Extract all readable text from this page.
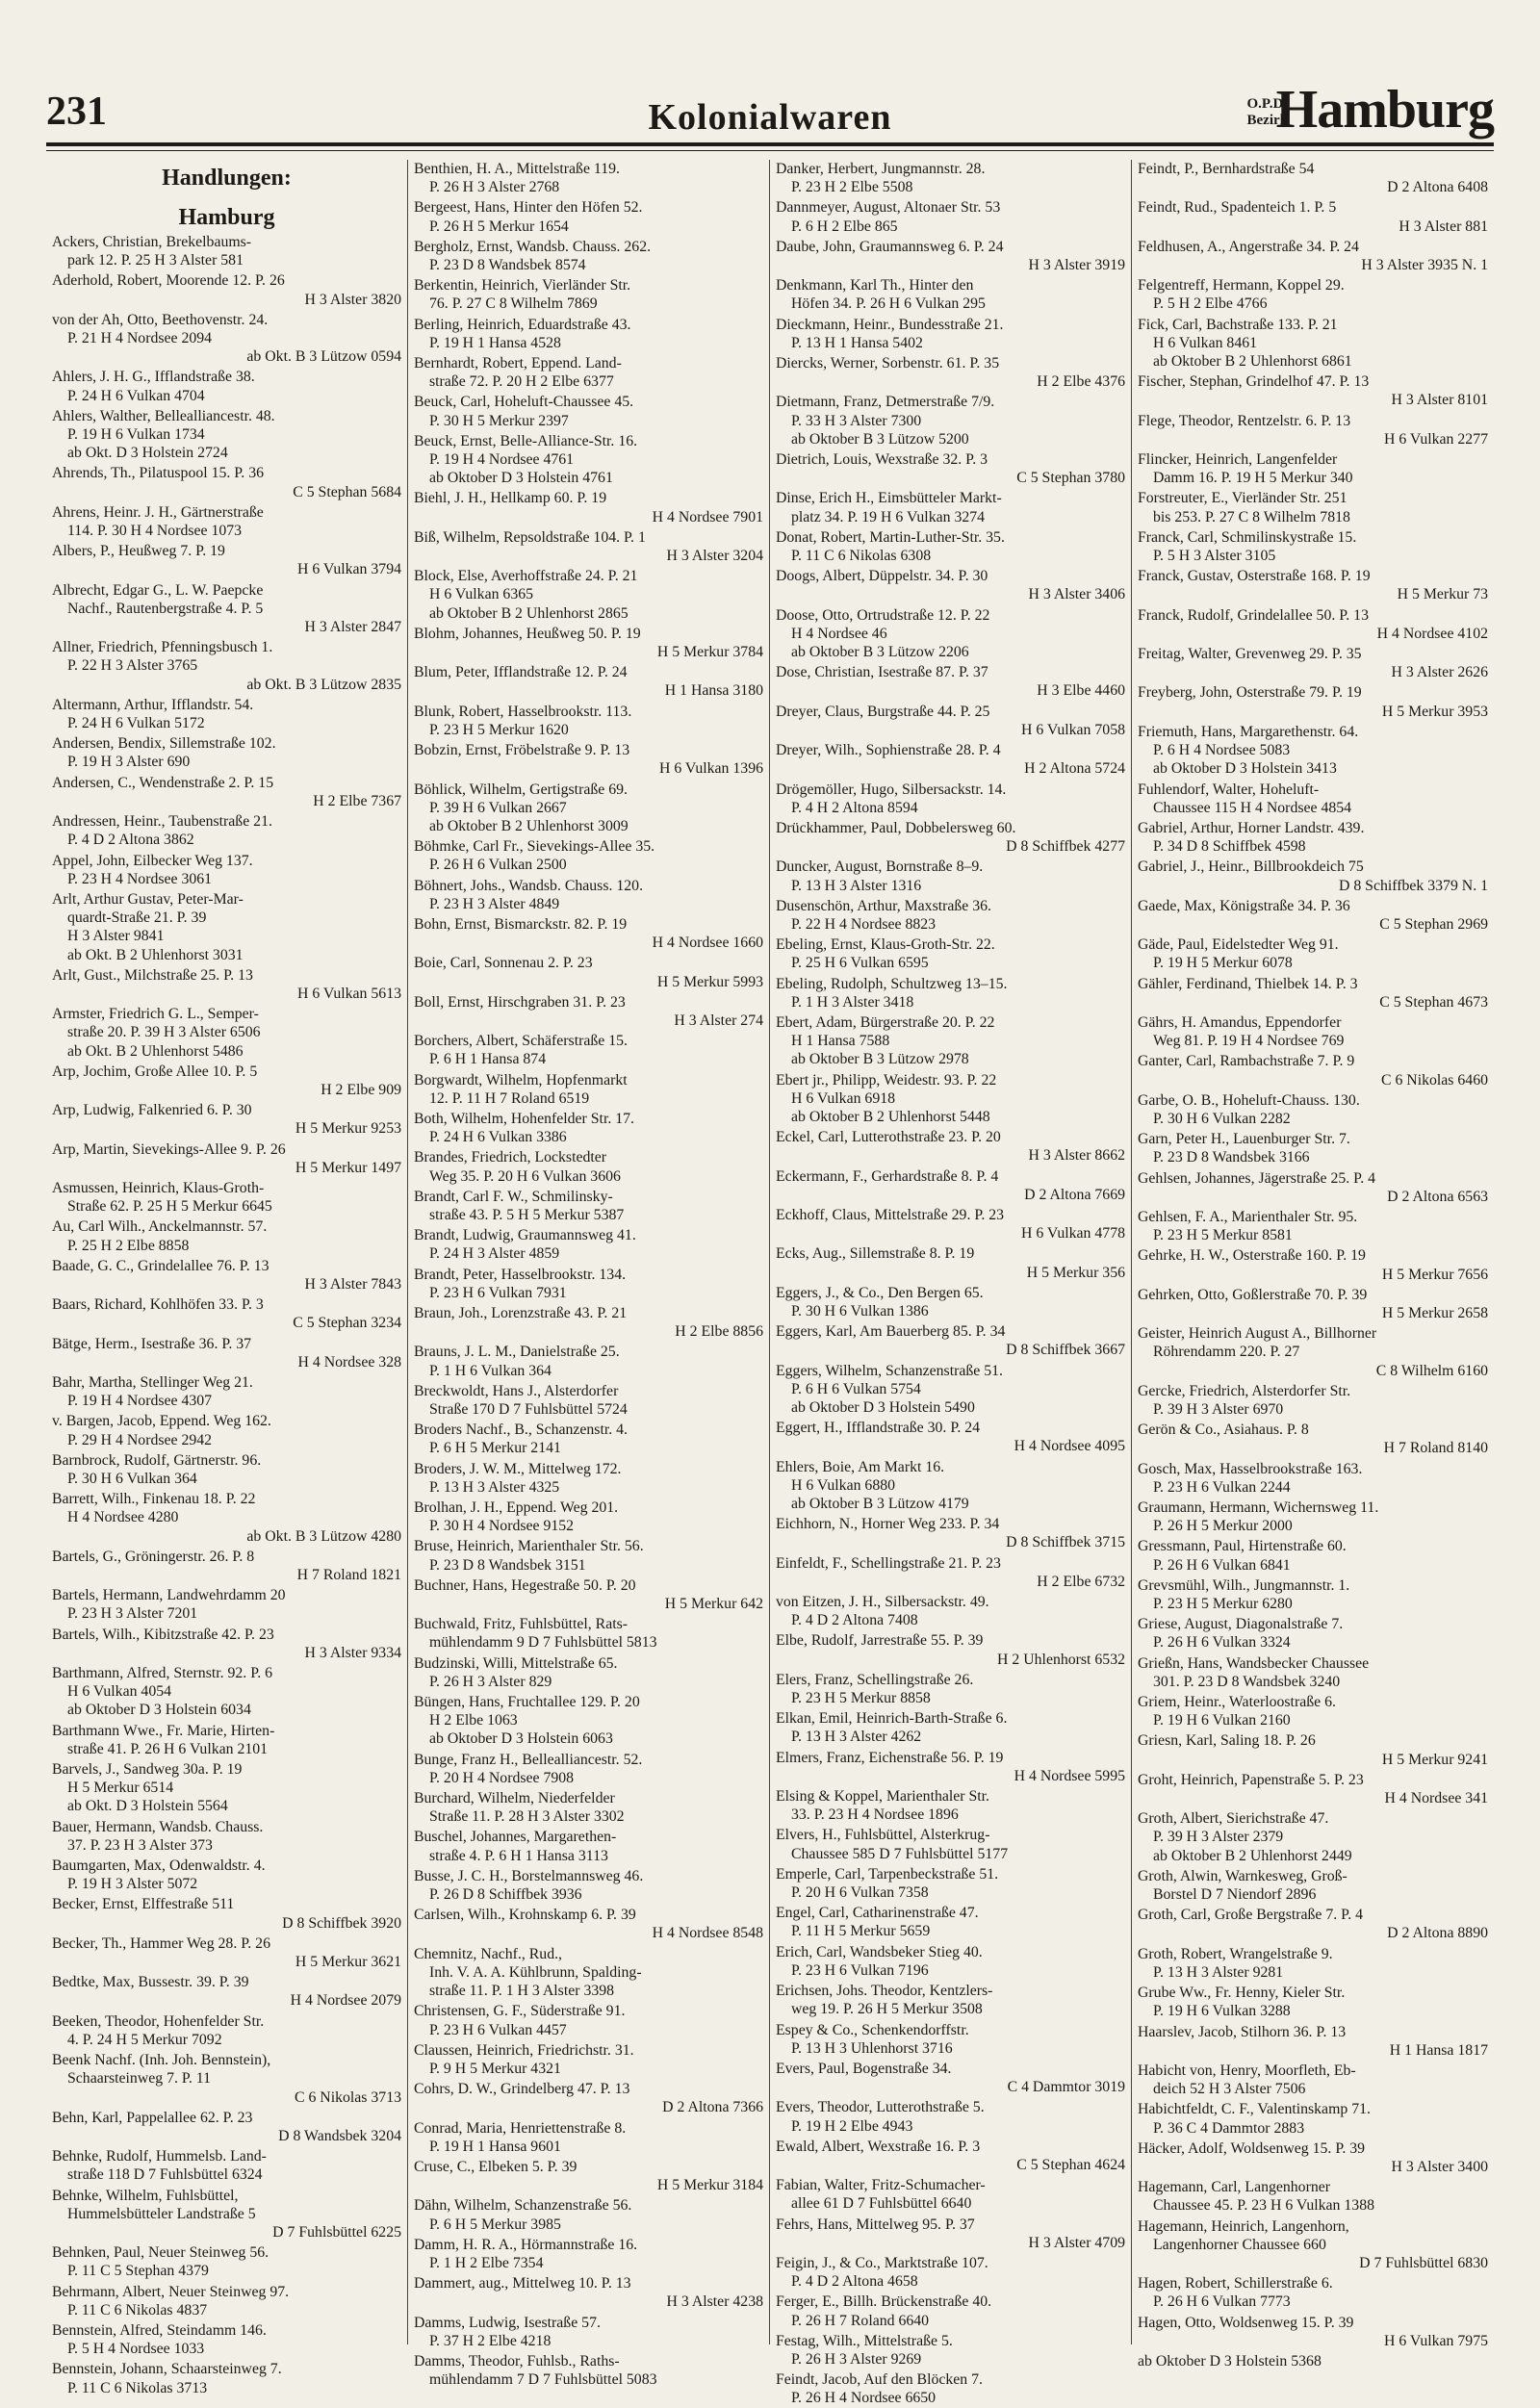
231	Kolonialwaren	O.P.D.
Bezirk
Hamburg
Handlungen:
Hamburg
Ackers, Christian, Brekelbaums-
park 12. P. 25 H 3 Alster 581
Aderhold, Robert, Moorende 12. P. 26
H 3 Alster 3820
von der Ah, Otto, Beethovenstr. 24.
P. 21 H 4 Nordsee 2094
ab Okt. B 3 Lützow 0594
Ahlers, J. H. G., Ifflandstraße 38.
P. 24 H 6 Vulkan 4704
Ahlers, Walther, Bellealliancestr. 48.
P. 19 H 6 Vulkan 1734
ab Okt. D 3 Holstein 2724
Ahrends, Th., Pilatuspool 15. P. 36
C 5 Stephan 5684
Ahrens, Heinr. J. H., Gärtnerstraße
114. P. 30 H 4 Nordsee 1073
Albers, P., Heußweg 7. P. 19
H 6 Vulkan 3794
Albrecht, Edgar G., L. W. Paepcke
Nachf., Rautenbergstraße 4. P. 5
H 3 Alster 2847
Allner, Friedrich, Pfenningsbusch 1.
P. 22 H 3 Alster 3765
ab Okt. B 3 Lützow 2835
Altermann, Arthur, Ifflandstr. 54.
P. 24 H 6 Vulkan 5172
Andersen, Bendix, Sillemstraße 102.
P. 19 H 3 Alster 690
Andersen, C., Wendenstraße 2. P. 15
H 2 Elbe 7367
Andressen, Heinr., Taubenstraße 21.
P. 4 D 2 Altona 3862
Appel, John, Eilbecker Weg 137.
P. 23 H 4 Nordsee 3061
Arlt, Arthur Gustav, Peter-Mar-
quardt-Straße 21. P. 39
H 3 Alster 9841
ab Okt. B 2 Uhlenhorst 3031
Arlt, Gust., Milchstraße 25. P. 13
H 6 Vulkan 5613
Armster, Friedrich G. L., Semper-
straße 20. P. 39 H 3 Alster 6506
ab Okt. B 2 Uhlenhorst 5486
Arp, Jochim, Große Allee 10. P. 5
H 2 Elbe 909
Arp, Ludwig, Falkenried 6. P. 30
H 5 Merkur 9253
Arp, Martin, Sievekings-Allee 9. P. 26
H 5 Merkur 1497
Asmussen, Heinrich, Klaus-Groth-
Straße 62. P. 25 H 5 Merkur 6645
Au, Carl Wilh., Anckelmannstr. 57.
P. 25 H 2 Elbe 8858
Baade, G. C., Grindelallee 76. P. 13
H 3 Alster 7843
Baars, Richard, Kohlhöfen 33. P. 3
C 5 Stephan 3234
Bätge, Herm., Isestraße 36. P. 37
H 4 Nordsee 328
Bahr, Martha, Stellinger Weg 21.
P. 19 H 4 Nordsee 4307
v. Bargen, Jacob, Eppend. Weg 162.
P. 29 H 4 Nordsee 2942
Barnbrock, Rudolf, Gärtnerstr. 96.
P. 30 H 6 Vulkan 364
Barrett, Wilh., Finkenau 18. P. 22
H 4 Nordsee 4280
ab Okt. B 3 Lützow 4280
Bartels, G., Gröningerstr. 26. P. 8
H 7 Roland 1821
Bartels, Hermann, Landwehrdamm 20
P. 23 H 3 Alster 7201
Bartels, Wilh., Kibitzstraße 42. P. 23
H 3 Alster 9334
Barthmann, Alfred, Sternstr. 92. P. 6
H 6 Vulkan 4054
ab Oktober D 3 Holstein 6034
Barthmann Wwe., Fr. Marie, Hirten-
straße 41. P. 26 H 6 Vulkan 2101
Barvels, J., Sandweg 30a. P. 19
H 5 Merkur 6514
ab Okt. D 3 Holstein 5564
Bauer, Hermann, Wandsb. Chauss.
37. P. 23 H 3 Alster 373
Baumgarten, Max, Odenwaldstr. 4.
P. 19 H 3 Alster 5072
Becker, Ernst, Elffestraße 511
D 8 Schiffbek 3920
Becker, Th., Hammer Weg 28. P. 26
H 5 Merkur 3621
Bedtke, Max, Bussestr. 39. P. 39
H 4 Nordsee 2079
Beeken, Theodor, Hohenfelder Str.
4. P. 24 H 5 Merkur 7092
Beenk Nachf. (Inh. Joh. Bennstein),
Schaarsteinweg 7. P. 11
C 6 Nikolas 3713
Behn, Karl, Pappelallee 62. P. 23
D 8 Wandsbek 3204
Behnke, Rudolf, Hummelsb. Land-
straße 118 D 7 Fuhlsbüttel 6324
Behnke, Wilhelm, Fuhlsbüttel,
Hummelsbütteler Landstraße 5
D 7 Fuhlsbüttel 6225
Behnken, Paul, Neuer Steinweg 56.
P. 11 C 5 Stephan 4379
Behrmann, Albert, Neuer Steinweg 97.
P. 11 C 6 Nikolas 4837
Bennstein, Alfred, Steindamm 146.
P. 5 H 4 Nordsee 1033
Bennstein, Johann, Schaarsteinweg 7.
P. 11 C 6 Nikolas 3713
Benthien, H. A., Mittelstraße 119.
P. 26 H 3 Alster 2768
Bergeest, Hans, Hinter den Höfen 52.
P. 26 H 5 Merkur 1654
Bergholz, Ernst, Wandsb. Chauss. 262.
P. 23 D 8 Wandsbek 8574
Berkentin, Heinrich, Vierländer Str.
76. P. 27 C 8 Wilhelm 7869
Berling, Heinrich, Eduardstraße 43.
P. 19 H 1 Hansa 4528
Bernhardt, Robert, Eppend. Land-
straße 72. P. 20 H 2 Elbe 6377
Beuck, Carl, Hoheluft-Chaussee 45.
P. 30 H 5 Merkur 2397
Beuck, Ernst, Belle-Alliance-Str. 16.
P. 19 H 4 Nordsee 4761
ab Oktober D 3 Holstein 4761
Biehl, J. H., Hellkamp 60. P. 19
H 4 Nordsee 7901
Biß, Wilhelm, Repsoldstraße 104. P. 1
H 3 Alster 3204
Block, Else, Averhoffstraße 24. P. 21
H 6 Vulkan 6365
ab Oktober B 2 Uhlenhorst 2865
Blohm, Johannes, Heußweg 50. P. 19
H 5 Merkur 3784
Blum, Peter, Ifflandstraße 12. P. 24
H 1 Hansa 3180
Blunk, Robert, Hasselbrookstr. 113.
P. 23 H 5 Merkur 1620
Bobzin, Ernst, Fröbelstraße 9. P. 13
H 6 Vulkan 1396
Böhlick, Wilhelm, Gertigstraße 69.
P. 39 H 6 Vulkan 2667
ab Oktober B 2 Uhlenhorst 3009
Böhmke, Carl Fr., Sievekings-Allee 35.
P. 26 H 6 Vulkan 2500
Böhnert, Johs., Wandsb. Chauss. 120.
P. 23 H 3 Alster 4849
Bohn, Ernst, Bismarckstr. 82. P. 19
H 4 Nordsee 1660
Boie, Carl, Sonnenau 2. P. 23
H 5 Merkur 5993
Boll, Ernst, Hirschgraben 31. P. 23
H 3 Alster 274
Borchers, Albert, Schäferstraße 15.
P. 6 H 1 Hansa 874
Borgwardt, Wilhelm, Hopfenmarkt
12. P. 11 H 7 Roland 6519
Both, Wilhelm, Hohenfelder Str. 17.
P. 24 H 6 Vulkan 3386
Brandes, Friedrich, Lockstedter
Weg 35. P. 20 H 6 Vulkan 3606
Brandt, Carl F. W., Schmilinsky-
straße 43. P. 5 H 5 Merkur 5387
Brandt, Ludwig, Graumannsweg 41.
P. 24 H 3 Alster 4859
Brandt, Peter, Hasselbrookstr. 134.
P. 23 H 6 Vulkan 7931
Braun, Joh., Lorenzstraße 43. P. 21
H 2 Elbe 8856
Brauns, J. L. M., Danielstraße 25.
P. 1 H 6 Vulkan 364
Breckwoldt, Hans J., Alsterdorfer
Straße 170 D 7 Fuhlsbüttel 5724
Broders Nachf., B., Schanzenstr. 4.
P. 6 H 5 Merkur 2141
Broders, J. W. M., Mittelweg 172.
P. 13 H 3 Alster 4325
Brolhan, J. H., Eppend. Weg 201.
P. 30 H 4 Nordsee 9152
Bruse, Heinrich, Marienthaler Str. 56.
P. 23 D 8 Wandsbek 3151
Buchner, Hans, Hegestraße 50. P. 20
H 5 Merkur 642
Buchwald, Fritz, Fuhlsbüttel, Rats-
mühlendamm 9 D 7 Fuhlsbüttel 5813
Budzinski, Willi, Mittelstraße 65.
P. 26 H 3 Alster 829
Büngen, Hans, Fruchtallee 129. P. 20
H 2 Elbe 1063
ab Oktober D 3 Holstein 6063
Bunge, Franz H., Bellealliancestr. 52.
P. 20 H 4 Nordsee 7908
Burchard, Wilhelm, Niederfelder
Straße 11. P. 28 H 3 Alster 3302
Buschel, Johannes, Margarethen-
straße 4. P. 6 H 1 Hansa 3113
Busse, J. C. H., Borstelmannsweg 46.
P. 26 D 8 Schiffbek 3936
Carlsen, Wilh., Krohnskamp 6. P. 39
H 4 Nordsee 8548
Chemnitz, Nachf., Rud.,
Inh. V. A. A. Kühlbrunn, Spalding-
straße 11. P. 1 H 3 Alster 3398
Christensen, G. F., Süderstraße 91.
P. 23 H 6 Vulkan 4457
Claussen, Heinrich, Friedrichstr. 31.
P. 9 H 5 Merkur 4321
Cohrs, D. W., Grindelberg 47. P. 13
D 2 Altona 7366
Conrad, Maria, Henriettenstraße 8.
P. 19 H 1 Hansa 9601
Cruse, C., Elbeken 5. P. 39
H 5 Merkur 3184
Dähn, Wilhelm, Schanzenstraße 56.
P. 6 H 5 Merkur 3985
Damm, H. R. A., Hörmannstraße 16.
P. 1 H 2 Elbe 7354
Dammert, aug., Mittelweg 10. P. 13
H 3 Alster 4238
Damms, Ludwig, Isestraße 57.
P. 37 H 2 Elbe 4218
Damms, Theodor, Fuhlsb., Raths-
mühlendamm 7 D 7 Fuhlsbüttel 5083
Danker, Herbert, Jungmannstr. 28.
P. 23 H 2 Elbe 5508
Dannmeyer, August, Altonaer Str. 53
P. 6 H 2 Elbe 865
Daube, John, Graumannsweg 6. P. 24
H 3 Alster 3919
Denkmann, Karl Th., Hinter den
Höfen 34. P. 26 H 6 Vulkan 295
Dieckmann, Heinr., Bundesstraße 21.
P. 13 H 1 Hansa 5402
Diercks, Werner, Sorbenstr. 61. P. 35
H 2 Elbe 4376
Dietmann, Franz, Detmerstraße 7/9.
P. 33 H 3 Alster 7300
ab Oktober B 3 Lützow 5200
Dietrich, Louis, Wexstraße 32. P. 3
C 5 Stephan 3780
Dinse, Erich H., Eimsbütteler Markt-
platz 34. P. 19 H 6 Vulkan 3274
Donat, Robert, Martin-Luther-Str. 35.
P. 11 C 6 Nikolas 6308
Doogs, Albert, Düppelstr. 34. P. 30
H 3 Alster 3406
Doose, Otto, Ortrudstraße 12. P. 22
H 4 Nordsee 46
ab Oktober B 3 Lützow 2206
Dose, Christian, Isestraße 87. P. 37
H 3 Elbe 4460
Dreyer, Claus, Burgstraße 44. P. 25
H 6 Vulkan 7058
Dreyer, Wilh., Sophienstraße 28. P. 4
H 2 Altona 5724
Drögemöller, Hugo, Silbersackstr. 14.
P. 4 H 2 Altona 8594
Drückhammer, Paul, Dobbelersweg 60.
D 8 Schiffbek 4277
Duncker, August, Bornstraße 8–9.
P. 13 H 3 Alster 1316
Dusenschön, Arthur, Maxstraße 36.
P. 22 H 4 Nordsee 8823
Ebeling, Ernst, Klaus-Groth-Str. 22.
P. 25 H 6 Vulkan 6595
Ebeling, Rudolph, Schultzweg 13–15.
P. 1 H 3 Alster 3418
Ebert, Adam, Bürgerstraße 20. P. 22
H 1 Hansa 7588
ab Oktober B 3 Lützow 2978
Ebert jr., Philipp, Weidestr. 93. P. 22
H 6 Vulkan 6918
ab Oktober B 2 Uhlenhorst 5448
Eckel, Carl, Lutterothstraße 23. P. 20
H 3 Alster 8662
Eckermann, F., Gerhardstraße 8. P. 4
D 2 Altona 7669
Eckhoff, Claus, Mittelstraße 29. P. 23
H 6 Vulkan 4778
Ecks, Aug., Sillemstraße 8. P. 19
H 5 Merkur 356
Eggers, J., & Co., Den Bergen 65.
P. 30 H 6 Vulkan 1386
Eggers, Karl, Am Bauerberg 85. P. 34
D 8 Schiffbek 3667
Eggers, Wilhelm, Schanzenstraße 51.
P. 6 H 6 Vulkan 5754
ab Oktober D 3 Holstein 5490
Eggert, H., Ifflandstraße 30. P. 24
H 4 Nordsee 4095
Ehlers, Boie, Am Markt 16.
H 6 Vulkan 6880
ab Oktober B 3 Lützow 4179
Eichhorn, N., Horner Weg 233. P. 34
D 8 Schiffbek 3715
Einfeldt, F., Schellingstraße 21. P. 23
H 2 Elbe 6732
von Eitzen, J. H., Silbersackstr. 49.
P. 4 D 2 Altona 7408
Elbe, Rudolf, Jarrestraße 55. P. 39
H 2 Uhlenhorst 6532
Elers, Franz, Schellingstraße 26.
P. 23 H 5 Merkur 8858
Elkan, Emil, Heinrich-Barth-Straße 6.
P. 13 H 3 Alster 4262
Elmers, Franz, Eichenstraße 56. P. 19
H 4 Nordsee 5995
Elsing & Koppel, Marienthaler Str.
33. P. 23 H 4 Nordsee 1896
Elvers, H., Fuhlsbüttel, Alsterkrug-
Chaussee 585 D 7 Fuhlsbüttel 5177
Emperle, Carl, Tarpenbeckstraße 51.
P. 20 H 6 Vulkan 7358
Engel, Carl, Catharinenstraße 47.
P. 11 H 5 Merkur 5659
Erich, Carl, Wandsbeker Stieg 40.
P. 23 H 6 Vulkan 7196
Erichsen, Johs. Theodor, Kentzlers-
weg 19. P. 26 H 5 Merkur 3508
Espey & Co., Schenkendorffstr.
P. 13 H 3 Uhlenhorst 3716
Evers, Paul, Bogenstraße 34.
C 4 Dammtor 3019
Evers, Theodor, Lutterothstraße 5.
P. 19 H 2 Elbe 4943
Ewald, Albert, Wexstraße 16. P. 3
C 5 Stephan 4624
Fabian, Walter, Fritz-Schumacher-
allee 61 D 7 Fuhlsbüttel 6640
Fehrs, Hans, Mittelweg 95. P. 37
H 3 Alster 4709
Feigin, J., & Co., Marktstraße 107.
P. 4 D 2 Altona 4658
Ferger, E., Billh. Brückenstraße 40.
P. 26 H 7 Roland 6640
Festag, Wilh., Mittelstraße 5.
P. 26 H 3 Alster 9269
Feindt, Jacob, Auf den Blöcken 7.
P. 26 H 4 Nordsee 6650
Feindt, P., Bernhardstraße 54
D 2 Altona 6408
Feindt, Rud., Spadenteich 1. P. 5
H 3 Alster 881
Feldhusen, A., Angerstraße 34. P. 24
H 3 Alster 3935 N. 1
Felgentreff, Hermann, Koppel 29.
P. 5 H 2 Elbe 4766
Fick, Carl, Bachstraße 133. P. 21
H 6 Vulkan 8461
ab Oktober B 2 Uhlenhorst 6861
Fischer, Stephan, Grindelhof 47. P. 13
H 3 Alster 8101
Flege, Theodor, Rentzelstr. 6. P. 13
H 6 Vulkan 2277
Flincker, Heinrich, Langenfelder
Damm 16. P. 19 H 5 Merkur 340
Forstreuter, E., Vierländer Str. 251
bis 253. P. 27 C 8 Wilhelm 7818
Franck, Carl, Schmilinskystraße 15.
P. 5 H 3 Alster 3105
Franck, Gustav, Osterstraße 168. P. 19
H 5 Merkur 73
Franck, Rudolf, Grindelallee 50. P. 13
H 4 Nordsee 4102
Freitag, Walter, Grevenweg 29. P. 35
H 3 Alster 2626
Freyberg, John, Osterstraße 79. P. 19
H 5 Merkur 3953
Friemuth, Hans, Margarethenstr. 64.
P. 6 H 4 Nordsee 5083
ab Oktober D 3 Holstein 3413
Fuhlendorf, Walter, Hoheluft-
Chaussee 115 H 4 Nordsee 4854
Gabriel, Arthur, Horner Landstr. 439.
P. 34 D 8 Schiffbek 4598
Gabriel, J., Heinr., Billbrookdeich 75
D 8 Schiffbek 3379 N. 1
Gaede, Max, Königstraße 34. P. 36
C 5 Stephan 2969
Gäde, Paul, Eidelstedter Weg 91.
P. 19 H 5 Merkur 6078
Gähler, Ferdinand, Thielbek 14. P. 3
C 5 Stephan 4673
Gährs, H. Amandus, Eppendorfer
Weg 81. P. 19 H 4 Nordsee 769
Ganter, Carl, Rambachstraße 7. P. 9
C 6 Nikolas 6460
Garbe, O. B., Hoheluft-Chauss. 130.
P. 30 H 6 Vulkan 2282
Garn, Peter H., Lauenburger Str. 7.
P. 23 D 8 Wandsbek 3166
Gehlsen, Johannes, Jägerstraße 25. P. 4
D 2 Altona 6563
Gehlsen, F. A., Marienthaler Str. 95.
P. 23 H 5 Merkur 8581
Gehrke, H. W., Osterstraße 160. P. 19
H 5 Merkur 7656
Gehrken, Otto, Goßlerstraße 70. P. 39
H 5 Merkur 2658
Geister, Heinrich August A., Billhorner
Röhrendamm 220. P. 27
C 8 Wilhelm 6160
Gercke, Friedrich, Alsterdorfer Str.
P. 39 H 3 Alster 6970
Gerön & Co., Asiahaus. P. 8
H 7 Roland 8140
Gosch, Max, Hasselbrookstraße 163.
P. 23 H 6 Vulkan 2244
Graumann, Hermann, Wichernsweg 11.
P. 26 H 5 Merkur 2000
Gressmann, Paul, Hirtenstraße 60.
P. 26 H 6 Vulkan 6841
Grevsmühl, Wilh., Jungmannstr. 1.
P. 23 H 5 Merkur 6280
Griese, August, Diagonalstraße 7.
P. 26 H 6 Vulkan 3324
Grießn, Hans, Wandsbecker Chaussee
301. P. 23 D 8 Wandsbek 3240
Griem, Heinr., Waterloostraße 6.
P. 19 H 6 Vulkan 2160
Griesn, Karl, Saling 18. P. 26
H 5 Merkur 9241
Groht, Heinrich, Papenstraße 5. P. 23
H 4 Nordsee 341
Groth, Albert, Sierichstraße 47.
P. 39 H 3 Alster 2379
ab Oktober B 2 Uhlenhorst 2449
Groth, Alwin, Warnkesweg, Groß-
Borstel D 7 Niendorf 2896
Groth, Carl, Große Bergstraße 7. P. 4
D 2 Altona 8890
Groth, Robert, Wrangelstraße 9.
P. 13 H 3 Alster 9281
Grube Ww., Fr. Henny, Kieler Str.
P. 19 H 6 Vulkan 3288
Haarslev, Jacob, Stilhorn 36. P. 13
H 1 Hansa 1817
Habicht von, Henry, Moorfleth, Eb-
deich 52 H 3 Alster 7506
Habichtfeldt, C. F., Valentinskamp 71.
P. 36 C 4 Dammtor 2883
Häcker, Adolf, Woldsenweg 15. P. 39
H 3 Alster 3400
Hagemann, Carl, Langenhorner
Chaussee 45. P. 23 H 6 Vulkan 1388
Hagemann, Heinrich, Langenhorn,
Langenhorner Chaussee 660
D 7 Fuhlsbüttel 6830
Hagen, Robert, Schillerstraße 6.
P. 26 H 6 Vulkan 7773
Hagen, Otto, Woldsenweg 15. P. 39
H 6 Vulkan 7975
ab Oktober D 3 Holstein 5368
